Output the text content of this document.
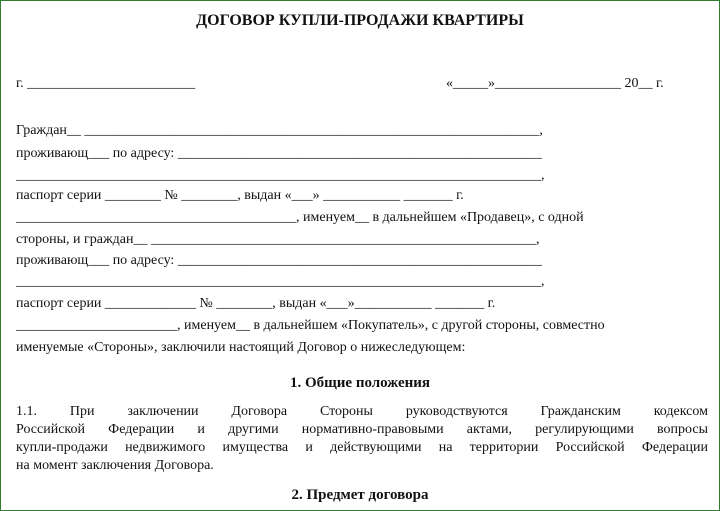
ДОГОВОР КУПЛИ-ПРОДАЖИ КВАРТИРЫ
г. ________________________	«_____»__________________ 20__ г.
Граждан__ _________________________________________________________________,
проживающ___ по адресу: ____________________________________________________
___________________________________________________________________________,
паспорт серии ________ № ________, выдан «___» ___________ _______ г.
________________________________________, именуем__ в дальнейшем «Продавец», с одной
стороны, и граждан__ _______________________________________________________,
проживающ___ по адресу: ____________________________________________________
___________________________________________________________________________,
паспорт серии _____________ № ________, выдан «___»___________ _______ г.
_______________________, именуем__ в дальнейшем «Покупатель», с другой стороны, совместно
именуемые «Стороны», заключили настоящий Договор о нижеследующем:
1. Общие положения
1.1. При заключении Договора Стороны руководствуются Гражданским кодексом
Российской Федерации и другими нормативно-правовыми актами, регулирующими вопросы
купли-продажи недвижимого имущества и действующими на территории Российской Федерации
на момент заключения Договора.
2. Предмет договора
